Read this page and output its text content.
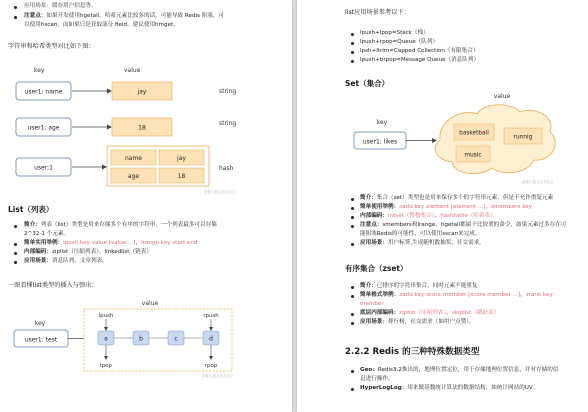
应用场景：缓存用户信息等。
注意点：如果开发使用hgetall，哈希元素比较多的话，可能导致 Redis 阻塞，可
以使用hscan。而如果只是获取部分 field，建议使用hmget。
字符串和哈希类型对比如下图：
key	value
user1: name	jay	string
user1: age	18
string
user:1
name	jay
age	18
hash
@稀土掘金技术社区
List（列表）
简介：列表（list）类型是用来存储多个有序的字符串，一个列表最多可以存储
2^32-1 个元素。
简单实用举例：lpush key value [value ...]，lrange key start end
内部编码：ziplist（压缩列表）、linkedlist（链表）
应用场景：消息队列，文章列表。
一图看懂list类型的插入与弹出：
value
key
user1: test	a	b	c	d
lpush	rpush
lpop	rpop
@稀土掘金技术社区
list应用场景参考以下：
lpush+lpop=Stack（栈）
lpush+rpop=Queue（队列）
lpsh+ltrim=Capped Collection（有限集合）
lpush+brpop=Message Queue（消息队列）
Set（集合）
value
key
user1: likes
basketball
runnig
music
@稀土掘金技术社区
简介：集合（set）类型也是用来保存多个的字符串元素，但是不允许重复元素
简单使用举例：sadd key element [element ...]，smembers key
内部编码：intset（整数集合）、hashtable（哈希表）
注意点：smembers和lrange、hgetall都属于比较重的命令，如果元素过多存在可
能阻塞Redis的可能性，可以使用sscan来完成。
应用场景：用户标签,生成随机数抽奖、社交需求。
有序集合（zset）
简介：已排序的字符串集合，同时元素不能重复
简单格式举例：zadd key score member [score member ...]，zrank key
member
底层内部编码：ziplist（压缩列表）、skiplist（跳跃表）
应用场景：排行榜，社交需求（如用户点赞）。
2.2.2 Redis 的三种特殊数据类型
Geo：Redis3.2推出的，地理位置定位，用于存储地理位置信息，并对存储的信
息进行操作。
HyperLogLog：用来做基数统计算法的数据结构，如统计网站的UV。
